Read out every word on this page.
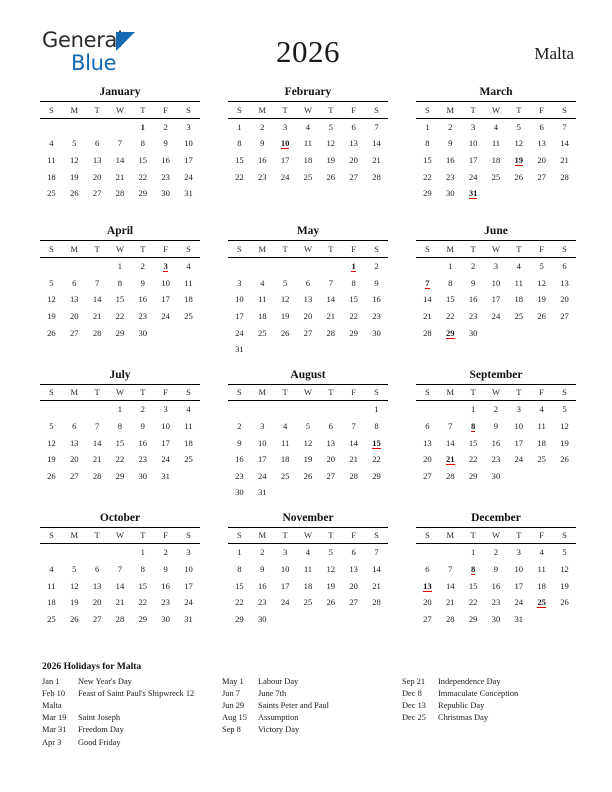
General
Blue	2026	Malta
January
S	M	T	W	T	F	S
				1	2	3
4	5	6	7	8	9	10
11	12	13	14	15	16	17
18	19	20	21	22	23	24
25	26	27	28	29	30	31

February
S	M	T	W	T	F	S
1	2	3	4	5	6	7
8	9	10	11	12	13	14
15	16	17	18	19	20	21
22	23	24	25	26	27	28

March
S	M	T	W	T	F	S
1	2	3	4	5	6	7
8	9	10	11	12	13	14
15	16	17	18	19	20	21
22	23	24	25	26	27	28
29	30	31				

April
S	M	T	W	T	F	S
			1	2	3	4
5	6	7	8	9	10	11
12	13	14	15	16	17	18
19	20	21	22	23	24	25
26	27	28	29	30		

May
S	M	T	W	T	F	S
					1	2
3	4	5	6	7	8	9
10	11	12	13	14	15	16
17	18	19	20	21	22	23
24	25	26	27	28	29	30
31						
June
S	M	T	W	T	F	S
	1	2	3	4	5	6
7	8	9	10	11	12	13
14	15	16	17	18	19	20
21	22	23	24	25	26	27
28	29	30				

July
S	M	T	W	T	F	S
			1	2	3	4
5	6	7	8	9	10	11
12	13	14	15	16	17	18
19	20	21	22	23	24	25
26	27	28	29	30	31	

August
S	M	T	W	T	F	S
						1
2	3	4	5	6	7	8
9	10	11	12	13	14	15
16	17	18	19	20	21	22
23	24	25	26	27	28	29
30	31					
September
S	M	T	W	T	F	S
		1	2	3	4	5
6	7	8	9	10	11	12
13	14	15	16	17	18	19
20	21	22	23	24	25	26
27	28	29	30			

October
S	M	T	W	T	F	S
				1	2	3
4	5	6	7	8	9	10
11	12	13	14	15	16	17
18	19	20	21	22	23	24
25	26	27	28	29	30	31

November
S	M	T	W	T	F	S
1	2	3	4	5	6	7
8	9	10	11	12	13	14
15	16	17	18	19	20	21
22	23	24	25	26	27	28
29	30					

December
S	M	T	W	T	F	S
		1	2	3	4	5
6	7	8	9	10	11	12
13	14	15	16	17	18	19
20	21	22	23	24	25	26
27	28	29	30	31		

2026 Holidays for Malta
Jan 1	New Year's Day
Feb 10	Feast of Saint Paul's Shipwreck 12
Malta
Mar 19	Saint Joseph
Mar 31	Freedom Day
Apr 3	Good Friday
May 1	Labour Day
Jun 7	June 7th
Jun 29	Saints Peter and Paul
Aug 15	Assumption
Sep 8	Victory Day
Sep 21	Independence Day
Dec 8	Immaculate Conception
Dec 13	Republic Day
Dec 25	Christmas Day
